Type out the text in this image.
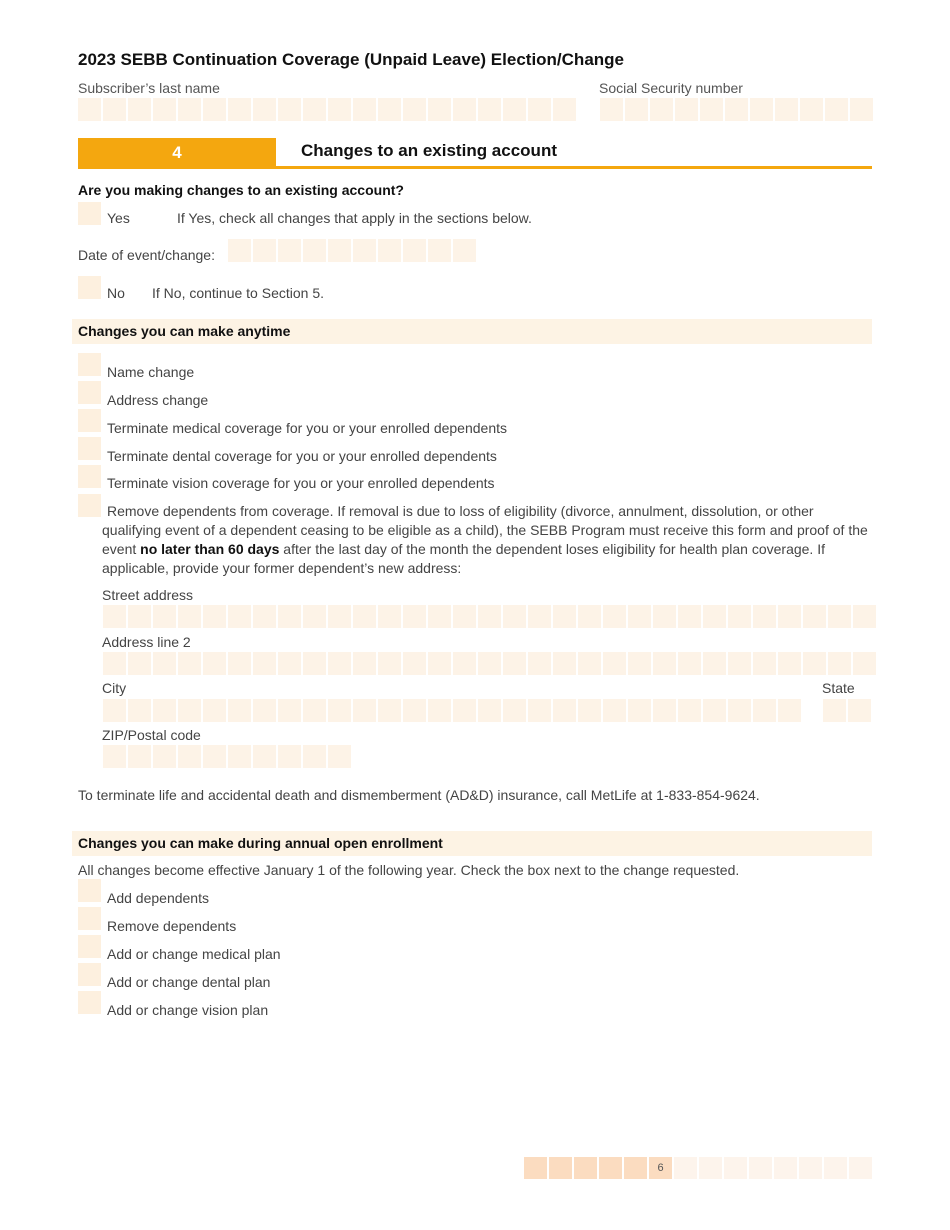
2023 SEBB Continuation Coverage (Unpaid Leave) Election/Change
Subscriber’s last name	Social Security number
4	Changes to an existing account
Are you making changes to an existing account?
Yes	If Yes, check all changes that apply in the sections below.
Date of event/change:
No If No, continue to Section 5.
Changes you can make anytime
Name change
Address change
Terminate medical coverage for you or your enrolled dependents
Terminate dental coverage for you or your enrolled dependents
Terminate vision coverage for you or your enrolled dependents
Remove dependents from coverage. If removal is due to loss of eligibility (divorce, annulment, dissolution, or other qualifying event of a dependent ceasing to be eligible as a child), the SEBB Program must receive this form and proof of the event no later than 60 days after the last day of the month the dependent loses eligibility for health plan coverage. If applicable, provide your former dependent’s new address:
Street address
Address line 2
City	State
ZIP/Postal code
To terminate life and accidental death and dismemberment (AD&D) insurance, call MetLife at 1-833-854-9624.
Changes you can make during annual open enrollment
All changes become effective January 1 of the following year. Check the box next to the change requested.
Add dependents
Remove dependents
Add or change medical plan
Add or change dental plan
Add or change vision plan
6
